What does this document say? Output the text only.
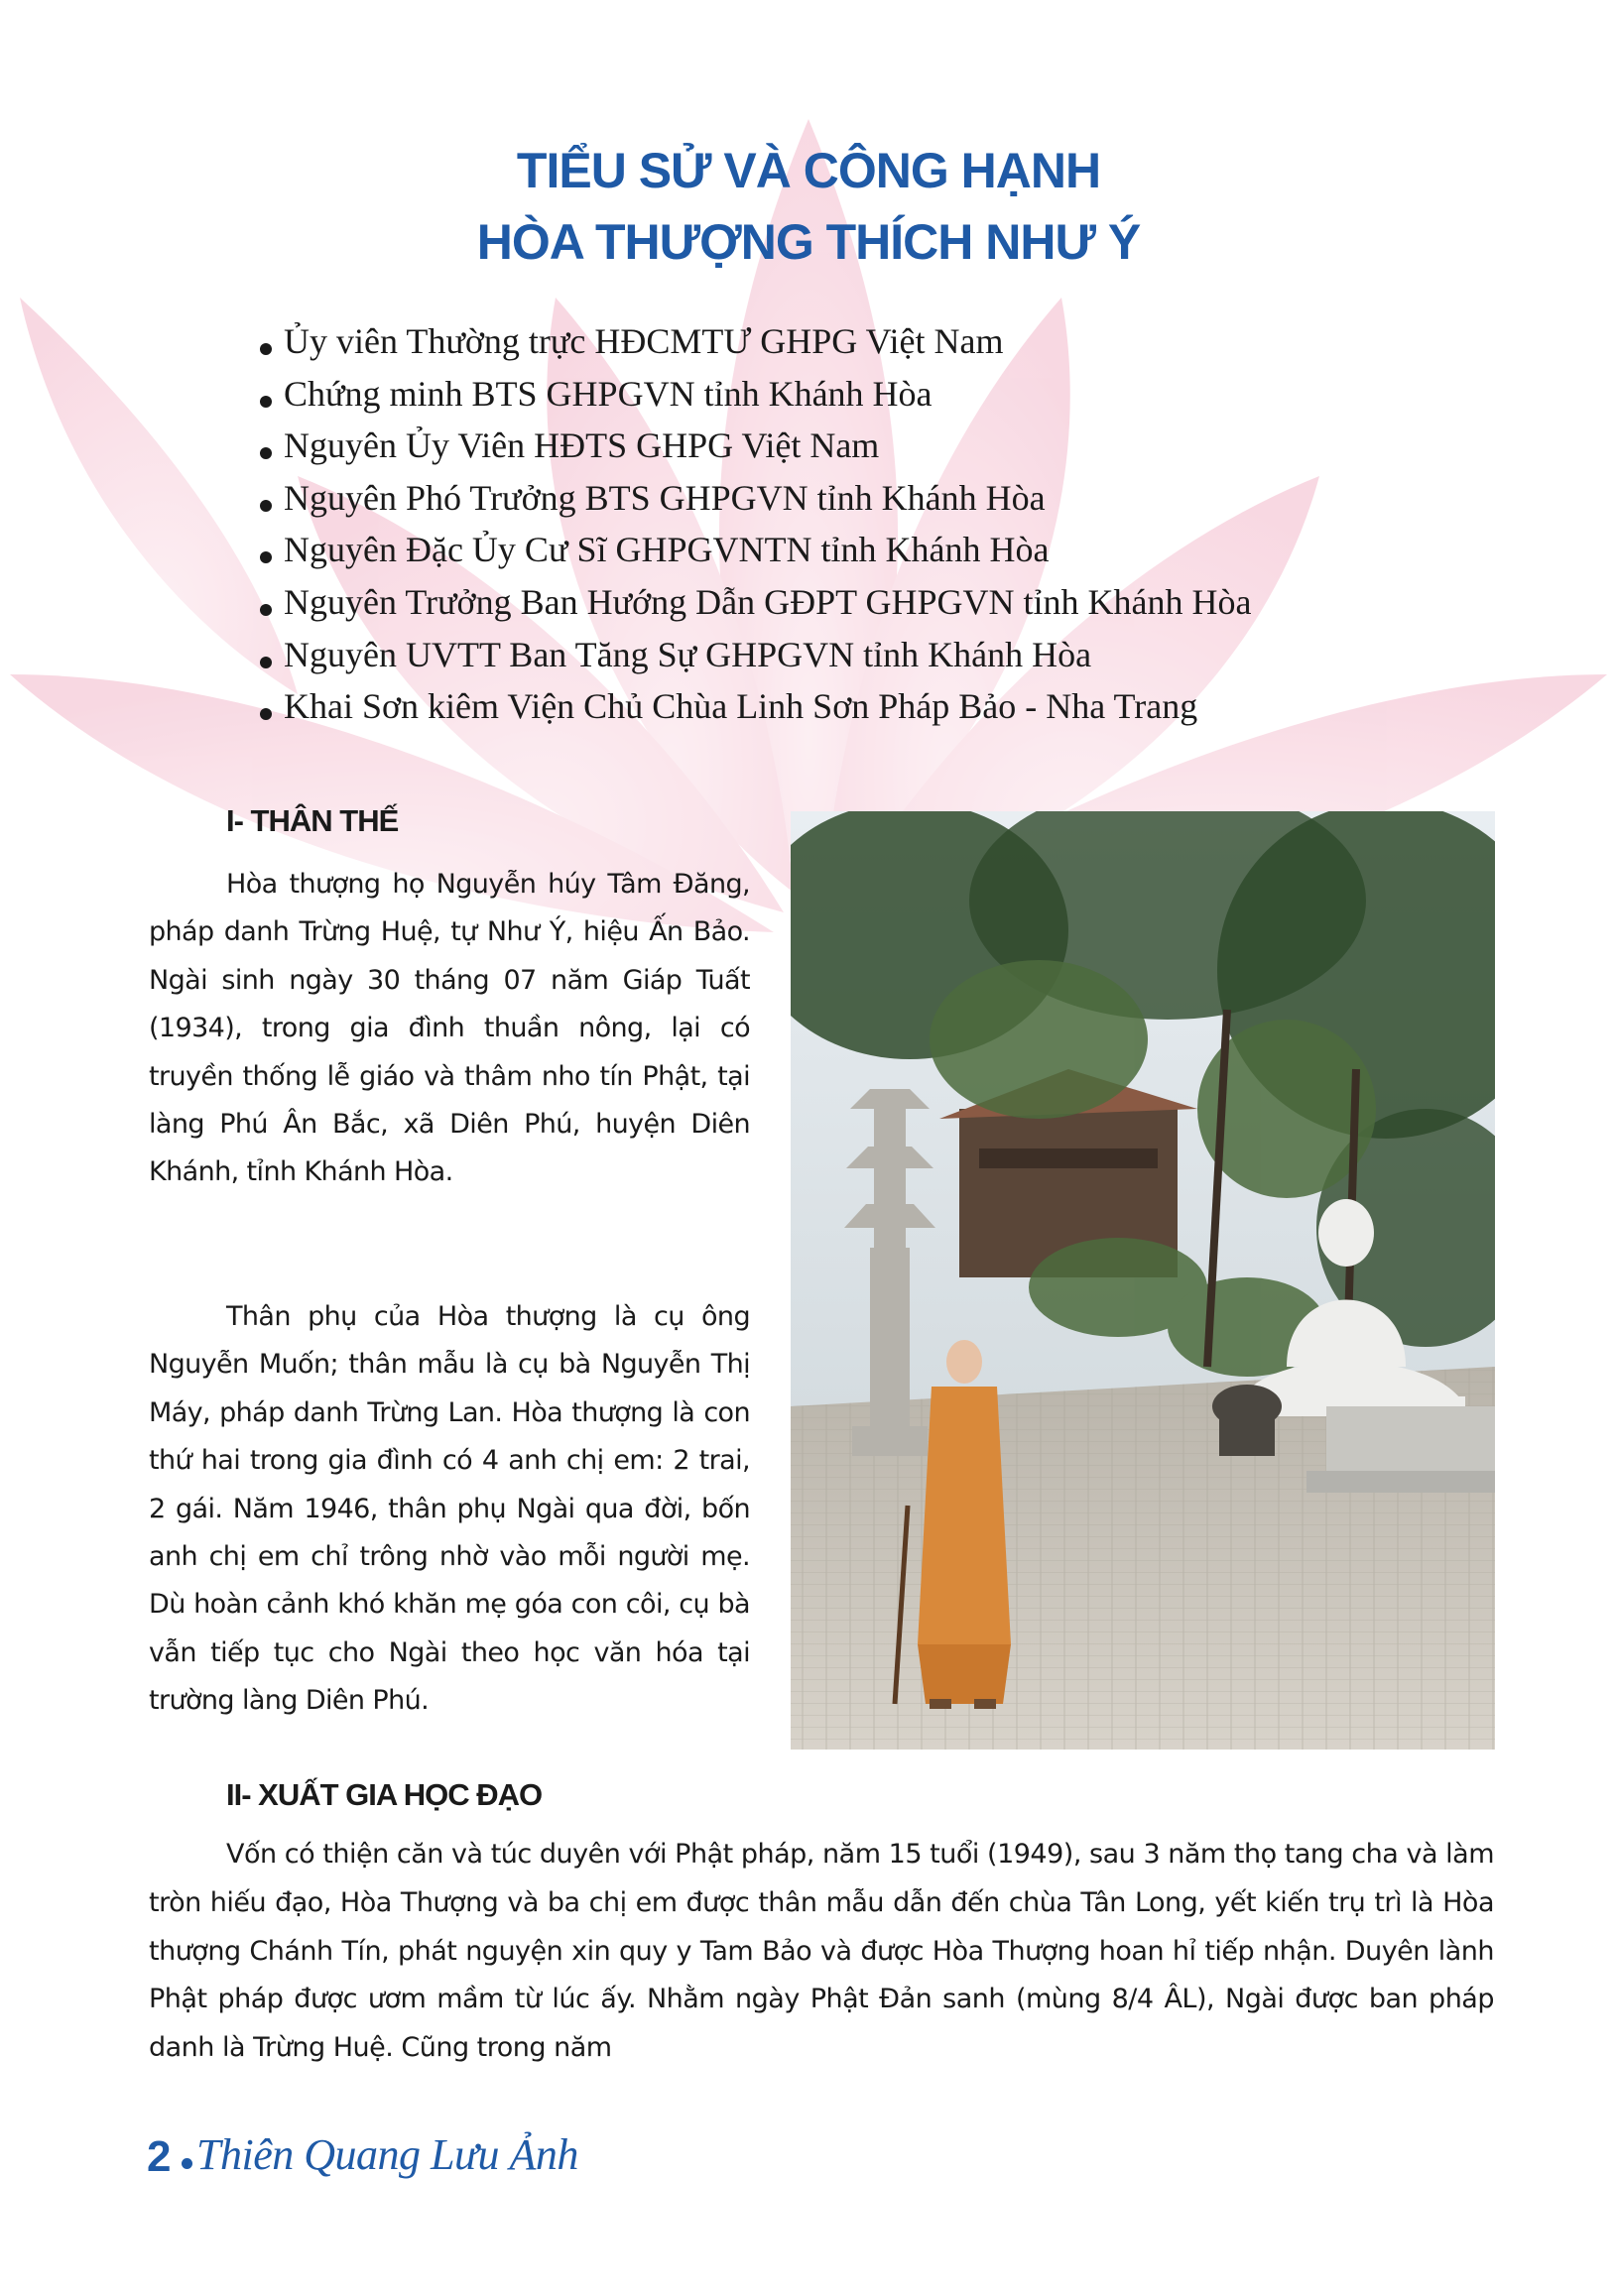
TIỂU SỬ VÀ CÔNG HẠNH
HÒA THƯỢNG THÍCH NHƯ Ý
Ủy viên Thường trực HĐCMTƯ GHPG Việt Nam
Chứng minh BTS GHPGVN tỉnh Khánh Hòa
Nguyên Ủy Viên HĐTS GHPG Việt Nam
Nguyên Phó Trưởng BTS GHPGVN tỉnh Khánh Hòa
Nguyên Đặc Ủy Cư Sĩ GHPGVNTN tỉnh Khánh Hòa
Nguyên Trưởng Ban Hướng Dẫn GĐPT GHPGVN tỉnh Khánh Hòa
Nguyên UVTT Ban Tăng Sự GHPGVN tỉnh Khánh Hòa
Khai Sơn kiêm Viện Chủ Chùa Linh Sơn Pháp Bảo - Nha Trang
I- THÂN THẾ

Hòa thượng họ Nguyễn húy Tâm Đăng, pháp danh Trừng Huệ, tự Như Ý, hiệu Ấn Bảo. Ngài sinh ngày 30 tháng 07 năm Giáp Tuất (1934), trong gia đình thuần nông, lại có truyền thống lễ giáo và thâm nho tín Phật, tại làng Phú Ân Bắc, xã Diên Phú, huyện Diên Khánh, tỉnh Khánh Hòa.

Thân phụ của Hòa thượng là cụ ông Nguyễn Muốn; thân mẫu là cụ bà Nguyễn Thị Máy, pháp danh Trừng Lan. Hòa thượng là con thứ hai trong gia đình có 4 anh chị em: 2 trai, 2 gái. Năm 1946, thân phụ Ngài qua đời, bốn anh chị em chỉ trông nhờ vào mỗi người mẹ. Dù hoàn cảnh khó khăn mẹ góa con côi, cụ bà vẫn tiếp tục cho Ngài theo học văn hóa tại trường làng Diên Phú.

II- XUẤT GIA HỌC ĐẠO

Vốn có thiện căn và túc duyên với Phật pháp, năm 15 tuổi (1949), sau 3 năm thọ tang cha và làm tròn hiếu đạo, Hòa Thượng và ba chị em được thân mẫu dẫn đến chùa Tân Long, yết kiến trụ trì là Hòa thượng Chánh Tín, phát nguyện xin quy y Tam Bảo và được Hòa Thượng hoan hỉ tiếp nhận. Duyên lành Phật pháp được ươm mầm từ lúc ấy. Nhằm ngày Phật Đản sanh (mùng 8/4 ÂL), Ngài được ban pháp danh là Trừng Huệ. Cũng trong năm

2 Thiên Quang Lưu Ảnh
